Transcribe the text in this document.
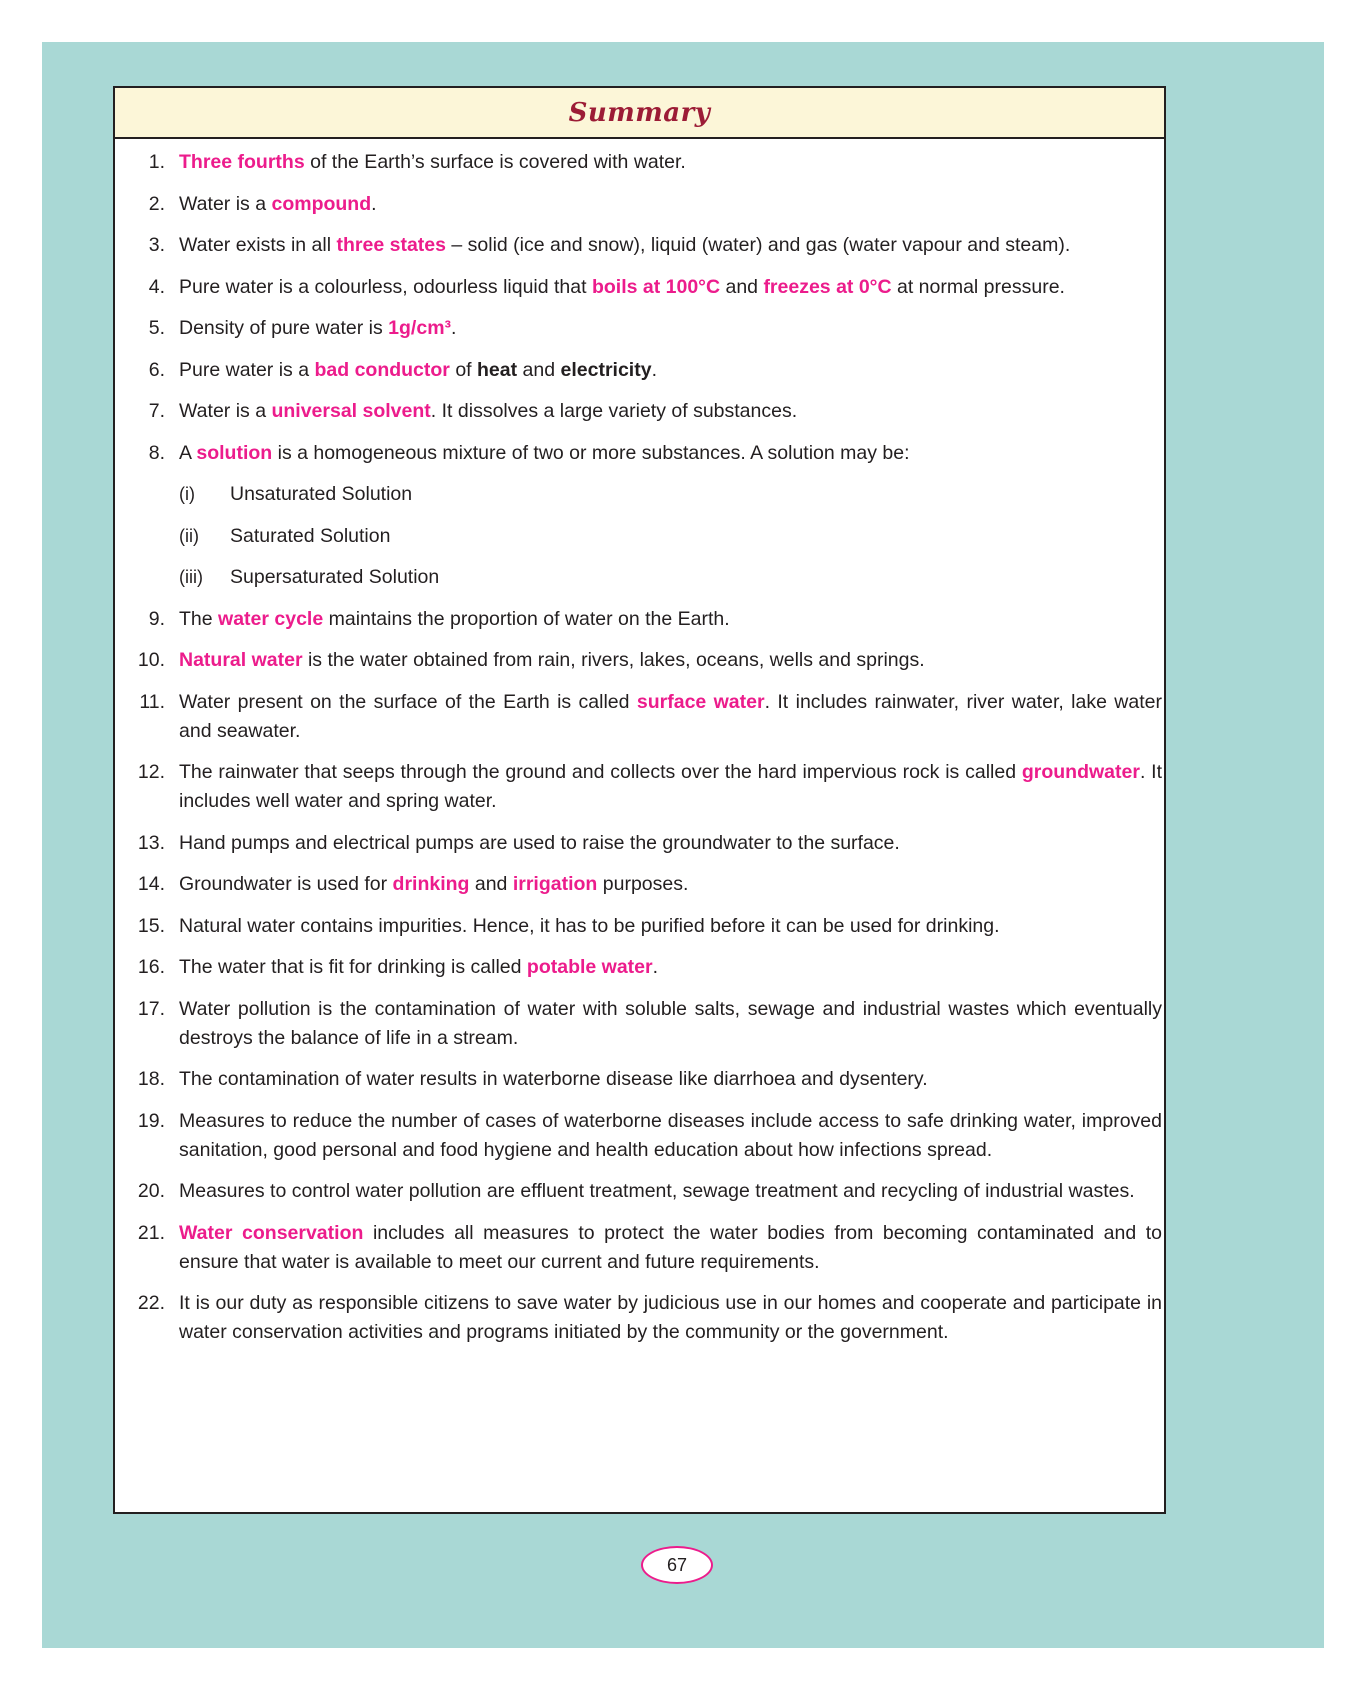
Summary
1. Three fourths of the Earth’s surface is covered with water.
2. Water is a compound.
3. Water exists in all three states – solid (ice and snow), liquid (water) and gas (water vapour and steam).
4. Pure water is a colourless, odourless liquid that boils at 100°C and freezes at 0°C at normal pressure.
5. Density of pure water is 1g/cm³.
6. Pure water is a bad conductor of heat and electricity.
7. Water is a universal solvent. It dissolves a large variety of substances.
8. A solution is a homogeneous mixture of two or more substances. A solution may be:
(i)	Unsaturated Solution
(ii)	Saturated Solution
(iii)	Supersaturated Solution
9. The water cycle maintains the proportion of water on the Earth.
10. Natural water is the water obtained from rain, rivers, lakes, oceans, wells and springs.
11. Water present on the surface of the Earth is called surface water. It includes rainwater, river water, lake water and seawater.
12. The rainwater that seeps through the ground and collects over the hard impervious rock is called groundwater. It includes well water and spring water.
13. Hand pumps and electrical pumps are used to raise the groundwater to the surface.
14. Groundwater is used for drinking and irrigation purposes.
15. Natural water contains impurities. Hence, it has to be purified before it can be used for drinking.
16. The water that is fit for drinking is called potable water.
17. Water pollution is the contamination of water with soluble salts, sewage and industrial wastes which eventually destroys the balance of life in a stream.
18. The contamination of water results in waterborne disease like diarrhoea and dysentery.
19. Measures to reduce the number of cases of waterborne diseases include access to safe drinking water, improved sanitation, good personal and food hygiene and health education about how infections spread.
20. Measures to control water pollution are effluent treatment, sewage treatment and recycling of industrial wastes.
21. Water conservation includes all measures to protect the water bodies from becoming contaminated and to ensure that water is available to meet our current and future requirements.
22. It is our duty as responsible citizens to save water by judicious use in our homes and cooperate and participate in water conservation activities and programs initiated by the community or the government.
67
